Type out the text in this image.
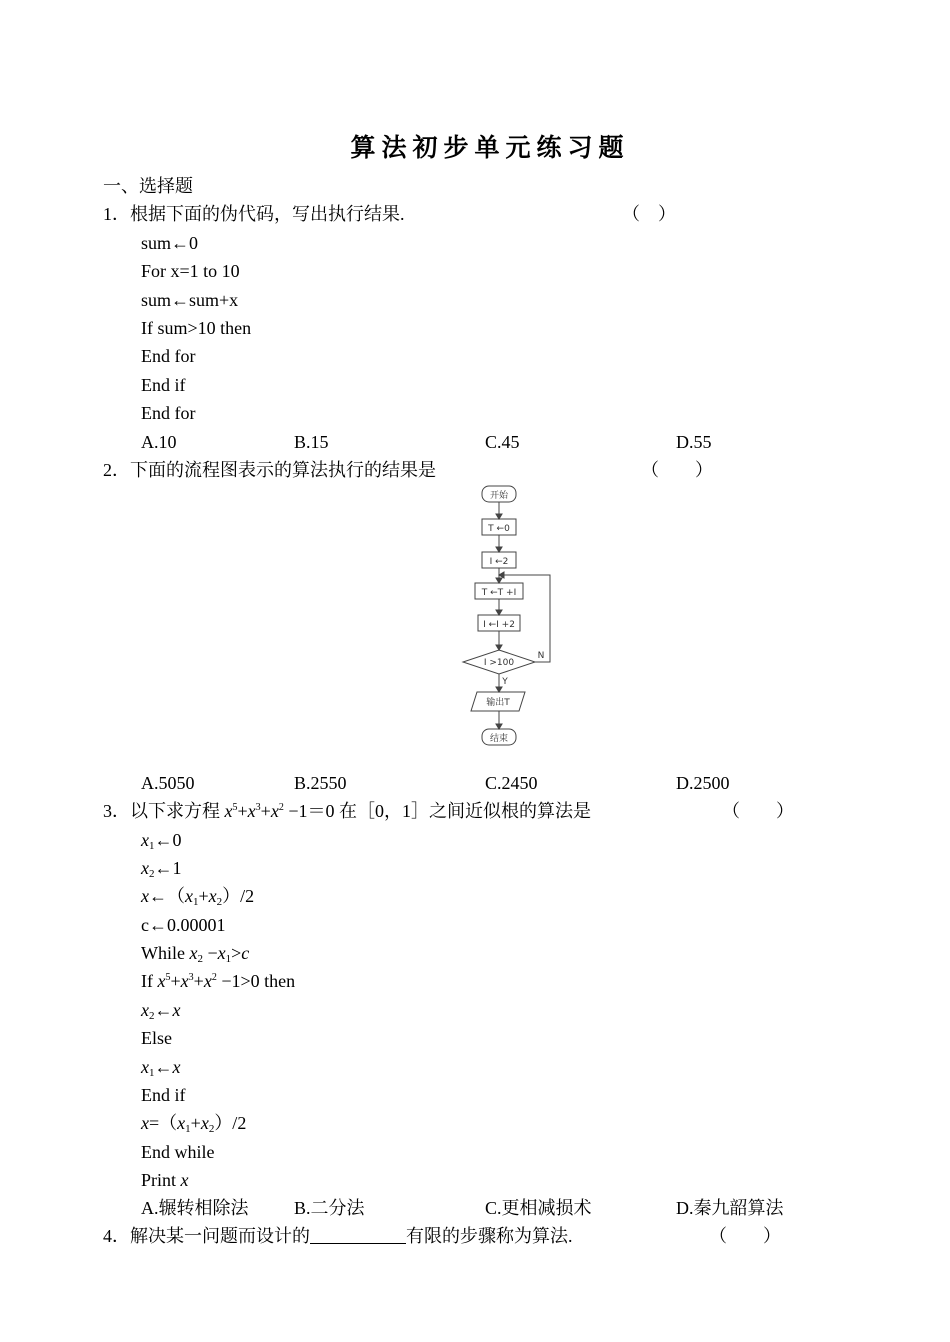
算法初步单元练习题
一、选择题
1．根据下面的伪代码，写出执行结果.	（　）
sum←0
For x=1 to 10
sum←sum+x
If sum>10 then
End for
End if
End for
A.10	B.15	C.45	D.55
2．下面的流程图表示的算法执行的结果是	（　　）
开始
T ←0
I ←2
T ←T +I
I ←I +2
I >100
N
Y
输出T
结束
A.5050	B.2550	C.2450	D.2500
3．以下求方程 $x^5+x^3+x^2 -1=0$ 在［0，1］之间近似根的算法是	（　　）
$x_1\leftarrow 0$
$x_2\leftarrow 1$
$x\leftarrow(x_1+x_2)/2$
c←0.00001
While $x_2 -x_1>c$
If $x^5+x^3+x^2 -1>0$ then
$x_2\leftarrow x$
Else
$x_1\leftarrow x$
End if
$x=(x_1+x_2)/2$
End while
Print x
A.辗转相除法	B.二分法	C.更相减损术	D.秦九韶算法
4．解决某一问题而设计的	有限的步骤称为算法.	（　　）
